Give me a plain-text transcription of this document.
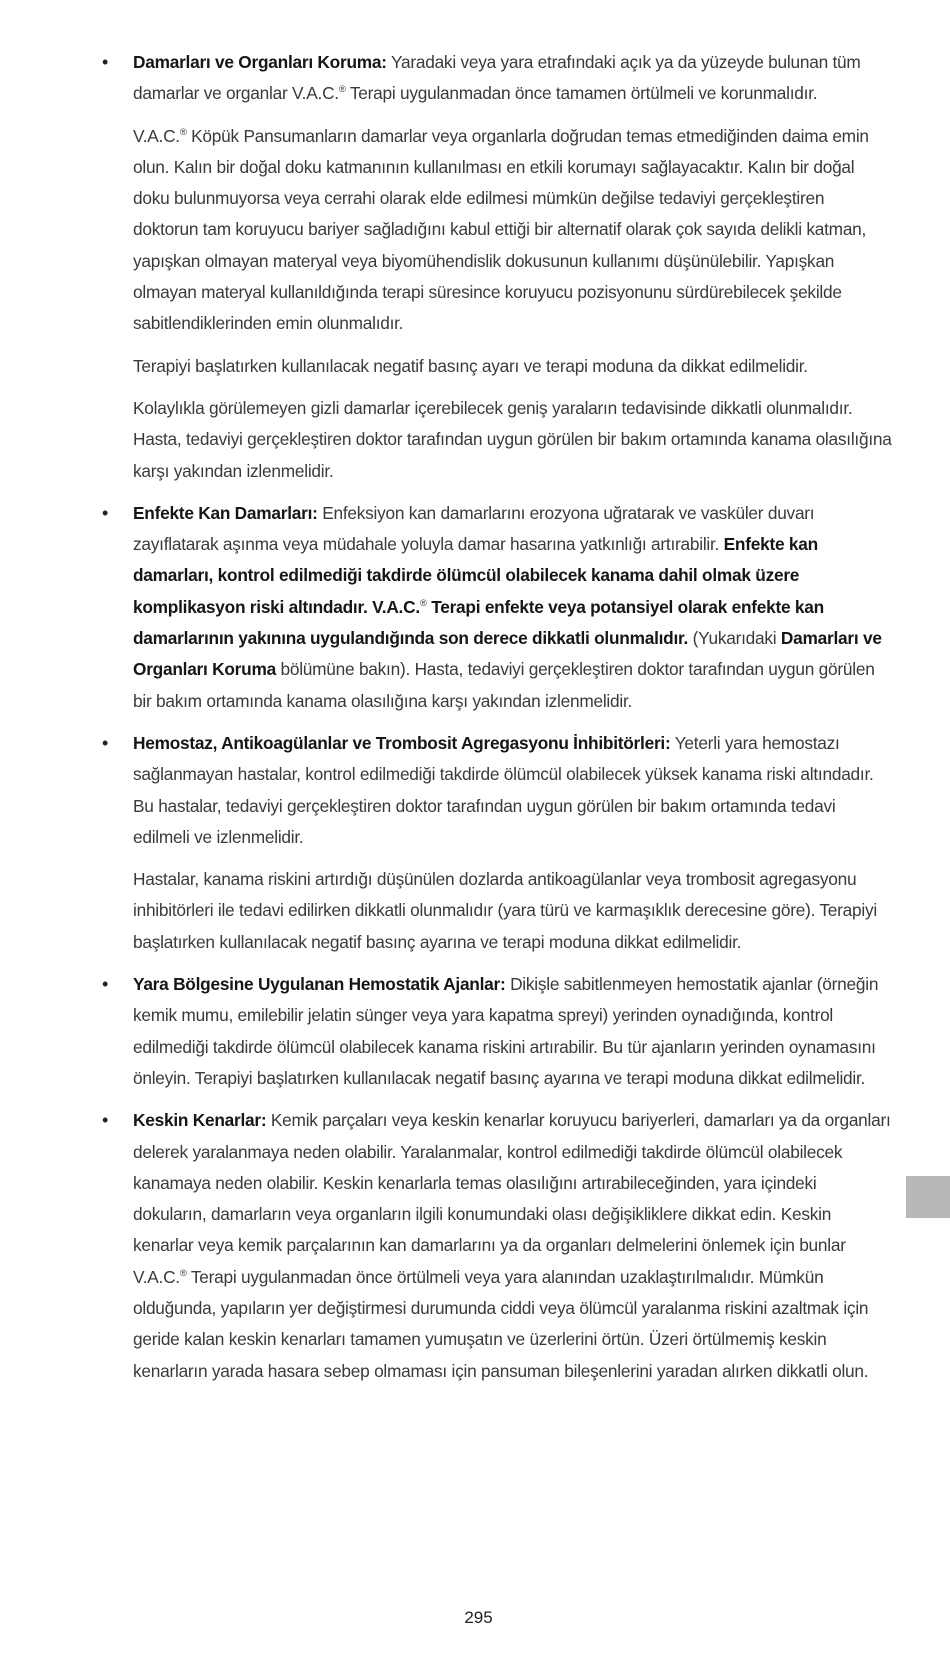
• Damarları ve Organları Koruma: Yaradaki veya yara etrafındaki açık ya da yüzeyde bulunan tüm damarlar ve organlar V.A.C.® Terapi uygulanmadan önce tamamen örtülmeli ve korunmalıdır.

V.A.C.® Köpük Pansumanların damarlar veya organlarla doğrudan temas etmediğinden daima emin olun. Kalın bir doğal doku katmanının kullanılması en etkili korumayı sağlayacaktır. Kalın bir doğal doku bulunmuyorsa veya cerrahi olarak elde edilmesi mümkün değilse tedaviyi gerçekleştiren doktorun tam koruyucu bariyer sağladığını kabul ettiği bir alternatif olarak çok sayıda delikli katman, yapışkan olmayan materyal veya biyomühendislik dokusunun kullanımı düşünülebilir. Yapışkan olmayan materyal kullanıldığında terapi süresince koruyucu pozisyonunu sürdürebilecek şekilde sabitlendiklerinden emin olunmalıdır.

Terapiyi başlatırken kullanılacak negatif basınç ayarı ve terapi moduna da dikkat edilmelidir.

Kolaylıkla görülemeyen gizli damarlar içerebilecek geniş yaraların tedavisinde dikkatli olunmalıdır. Hasta, tedaviyi gerçekleştiren doktor tarafından uygun görülen bir bakım ortamında kanama olasılığına karşı yakından izlenmelidir.

• Enfekte Kan Damarları: Enfeksiyon kan damarlarını erozyona uğratarak ve vasküler duvarı zayıflatarak aşınma veya müdahale yoluyla damar hasarına yatkınlığı artırabilir. Enfekte kan damarları, kontrol edilmediği takdirde ölümcül olabilecek kanama dahil olmak üzere komplikasyon riski altındadır. V.A.C.® Terapi enfekte veya potansiyel olarak enfekte kan damarlarının yakınına uygulandığında son derece dikkatli olunmalıdır. (Yukarıdaki Damarları ve Organları Koruma bölümüne bakın). Hasta, tedaviyi gerçekleştiren doktor tarafından uygun görülen bir bakım ortamında kanama olasılığına karşı yakından izlenmelidir.

• Hemostaz, Antikoagülanlar ve Trombosit Agregasyonu İnhibitörleri: Yeterli yara hemostazı sağlanmayan hastalar, kontrol edilmediği takdirde ölümcül olabilecek yüksek kanama riski altındadır. Bu hastalar, tedaviyi gerçekleştiren doktor tarafından uygun görülen bir bakım ortamında tedavi edilmeli ve izlenmelidir.

Hastalar, kanama riskini artırdığı düşünülen dozlarda antikoagülanlar veya trombosit agregasyonu inhibitörleri ile tedavi edilirken dikkatli olunmalıdır (yara türü ve karmaşıklık derecesine göre). Terapiyi başlatırken kullanılacak negatif basınç ayarına ve terapi moduna dikkat edilmelidir.

• Yara Bölgesine Uygulanan Hemostatik Ajanlar: Dikişle sabitlenmeyen hemostatik ajanlar (örneğin kemik mumu, emilebilir jelatin sünger veya yara kapatma spreyi) yerinden oynadığında, kontrol edilmediği takdirde ölümcül olabilecek kanama riskini artırabilir. Bu tür ajanların yerinden oynamasını önleyin. Terapiyi başlatırken kullanılacak negatif basınç ayarına ve terapi moduna dikkat edilmelidir.

• Keskin Kenarlar: Kemik parçaları veya keskin kenarlar koruyucu bariyerleri, damarları ya da organları delerek yaralanmaya neden olabilir. Yaralanmalar, kontrol edilmediği takdirde ölümcül olabilecek kanamaya neden olabilir. Keskin kenarlarla temas olasılığını artırabileceğinden, yara içindeki dokuların, damarların veya organların ilgili konumundaki olası değişikliklere dikkat edin. Keskin kenarlar veya kemik parçalarının kan damarlarını ya da organları delmelerini önlemek için bunlar V.A.C.® Terapi uygulanmadan önce örtülmeli veya yara alanından uzaklaştırılmalıdır. Mümkün olduğunda, yapıların yer değiştirmesi durumunda ciddi veya ölümcül yaralanma riskini azaltmak için geride kalan keskin kenarları tamamen yumuşatın ve üzerlerini örtün. Üzeri örtülmemiş keskin kenarların yarada hasara sebep olmaması için pansuman bileşenlerini yaradan alırken dikkatli olun.

295
